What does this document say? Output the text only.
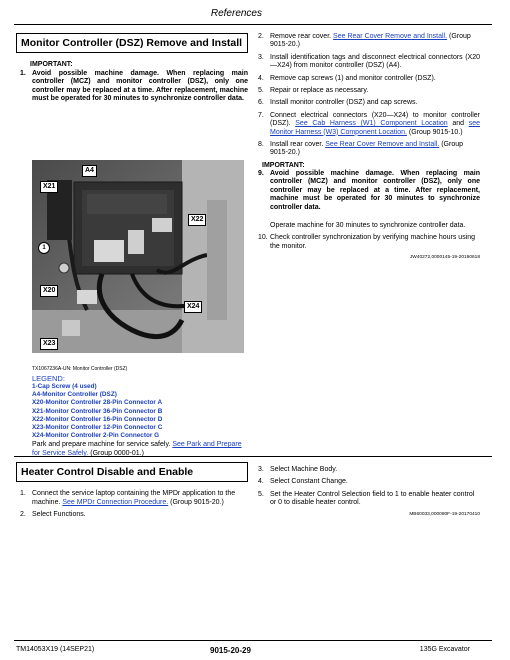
References
Monitor Controller (DSZ) Remove and Install
IMPORTANT:
1. Avoid possible machine damage. When replacing main controller (MCZ) and monitor controller (DSZ), only one controller may be replaced at a time. After replacement, machine must be operated for 30 minutes to synchronize controller data.
A4
X21
X22
1
X20
X24
X23
TX1067236A-UN: Monitor Controller (DSZ)
LEGEND:
1-Cap Screw (4 used)
A4-Monitor Controller (DSZ)
X20-Monitor Controller 28-Pin Connector A
X21-Monitor Controller 36-Pin Connector B
X22-Monitor Controller 16-Pin Connector D
X23-Monitor Controller 12-Pin Connector C
X24-Monitor Controller 2-Pin Connector G
Park and prepare machine for service safely. See Park and Prepare for Service Safely. (Group 0000-01.)
2. Remove rear cover. See Rear Cover Remove and Install. (Group 9015-20.)
3. Install identification tags and disconnect electrical connectors (X20—X24) from monitor controller (DSZ) (A4).
4. Remove cap screws (1) and monitor controller (DSZ).
5. Repair or replace as necessary.
6. Install monitor controller (DSZ) and cap screws.
7. Connect electrical connectors (X20—X24) to monitor controller (DSZ). See Cab Harness (W1) Component Location and see Monitor Harness (W3) Component Location. (Group 9015-10.)
8. Install rear cover. See Rear Cover Remove and Install. (Group 9015-20.)
IMPORTANT:
9. Avoid possible machine damage. When replacing main controller (MCZ) and monitor controller (DSZ), only one controller may be replaced at a time. After replacement, machine must be operated for 30 minutes to synchronize controller data.
Operate machine for 30 minutes to synchronize controller data.
10. Check controller synchronization by verifying machine hours using the monitor.
JW40272,0000145-19-20190618
Heater Control Disable and Enable
1. Connect the service laptop containing the MPDr application to the machine. See MPDr Connection Procedure. (Group 9015-20.)
2. Select Functions.
3. Select Machine Body.
4. Select Constant Change.
5. Set the Heater Control Selection field to 1 to enable heater control or 0 to disable heater control.
MB60033,000080F-19-20170410
TM14053X19 (14SEP21)	9015-20-29	135G Excavator
